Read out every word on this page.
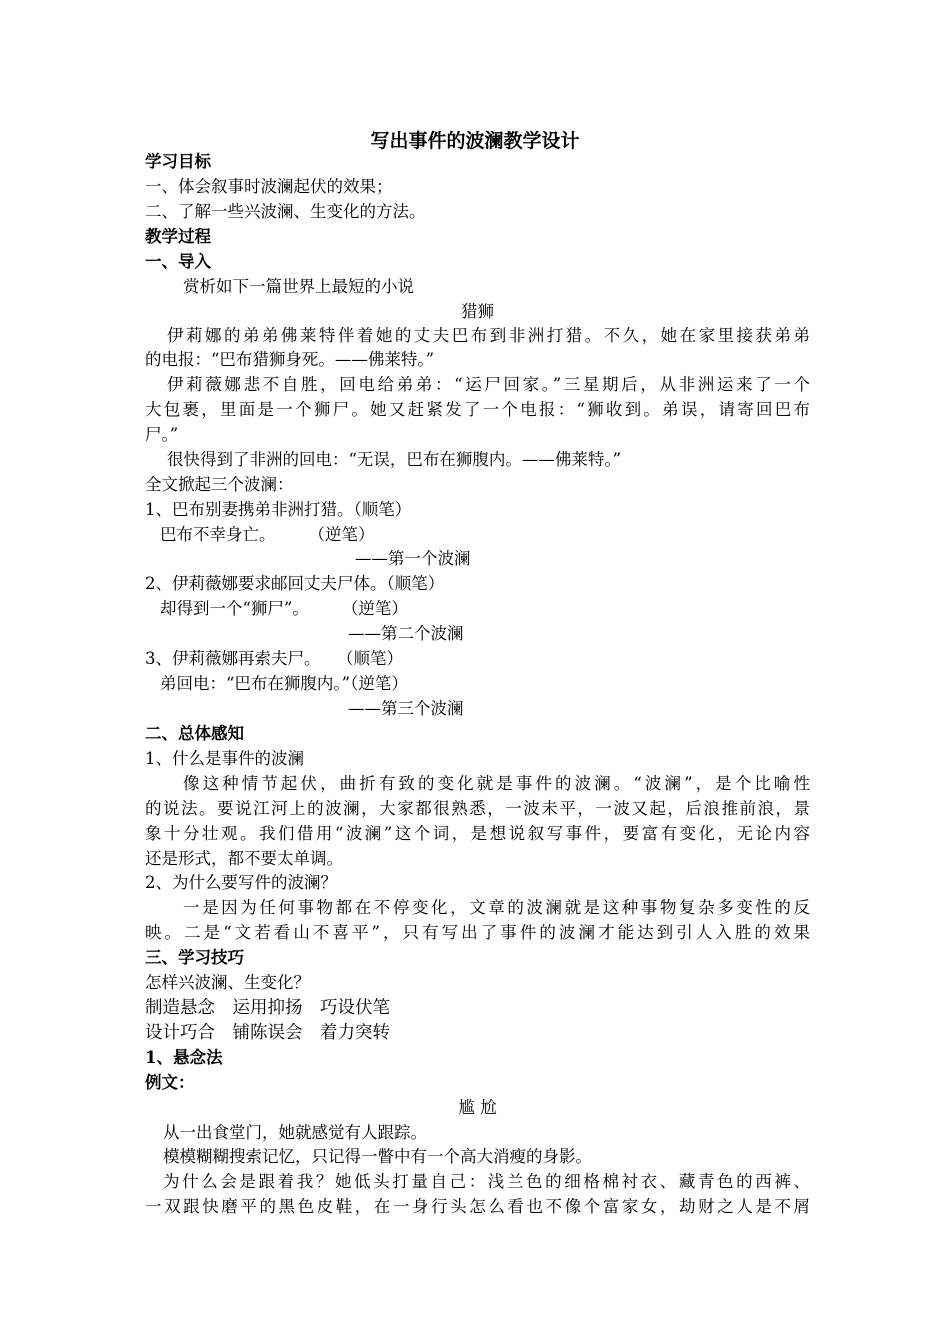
写出事件的波澜教学设计
学习目标
一、体会叙事时波澜起伏的效果；
二、了解一些兴波澜、生变化的方法。
教学过程
一、导入
赏析如下一篇世界上最短的小说
猎狮
伊莉娜的弟弟佛莱特伴着她的丈夫巴布到非洲打猎。不久，她在家里接获弟弟
的电报：“巴布猎狮身死。——佛莱特。”
伊莉薇娜悲不自胜，回电给弟弟：“运尸回家。”三星期后，从非洲运来了一个
大包裹，里面是一个狮尸。她又赶紧发了一个电报：“狮收到。弟误，请寄回巴布
尸。”
很快得到了非洲的回电：“无误，巴布在狮腹内。——佛莱特。”
全文掀起三个波澜：
1、巴布别妻携弟非洲打猎。（顺笔）
巴布不幸身亡。　　　（逆笔）
——第一个波澜
2、伊莉薇娜要求邮回丈夫尸体。（顺笔）
却得到一个“狮尸”。　　　（逆笔）
——第二个波澜
3、伊莉薇娜再索夫尸。　　（顺笔）
弟回电：“巴布在狮腹内。”（逆笔）
——第三个波澜
二、总体感知
1、什么是事件的波澜
像这种情节起伏，曲折有致的变化就是事件的波澜。“波澜”，是个比喻性
的说法。要说江河上的波澜，大家都很熟悉，一波未平，一波又起，后浪推前浪，景
象十分壮观。我们借用“波澜”这个词，是想说叙写事件，要富有变化，无论内容
还是形式，都不要太单调。
2、为什么要写件的波澜？
一是因为任何事物都在不停变化，文章的波澜就是这种事物复杂多变性的反
映。二是“文若看山不喜平”，只有写出了事件的波澜才能达到引人入胜的效果
三、学习技巧
怎样兴波澜、生变化？
制造悬念　运用抑扬　巧设伏笔
设计巧合　铺陈误会　着力突转
1、悬念法
例文：
尴 尬
从一出食堂门，她就感觉有人跟踪。
模模糊糊搜索记忆，只记得一瞥中有一个高大消瘦的身影。
为什么会是跟着我？她低头打量自己：浅兰色的细格棉衬衣、藏青色的西裤、
一双跟快磨平的黑色皮鞋，在一身行头怎么看也不像个富家女，劫财之人是不屑
